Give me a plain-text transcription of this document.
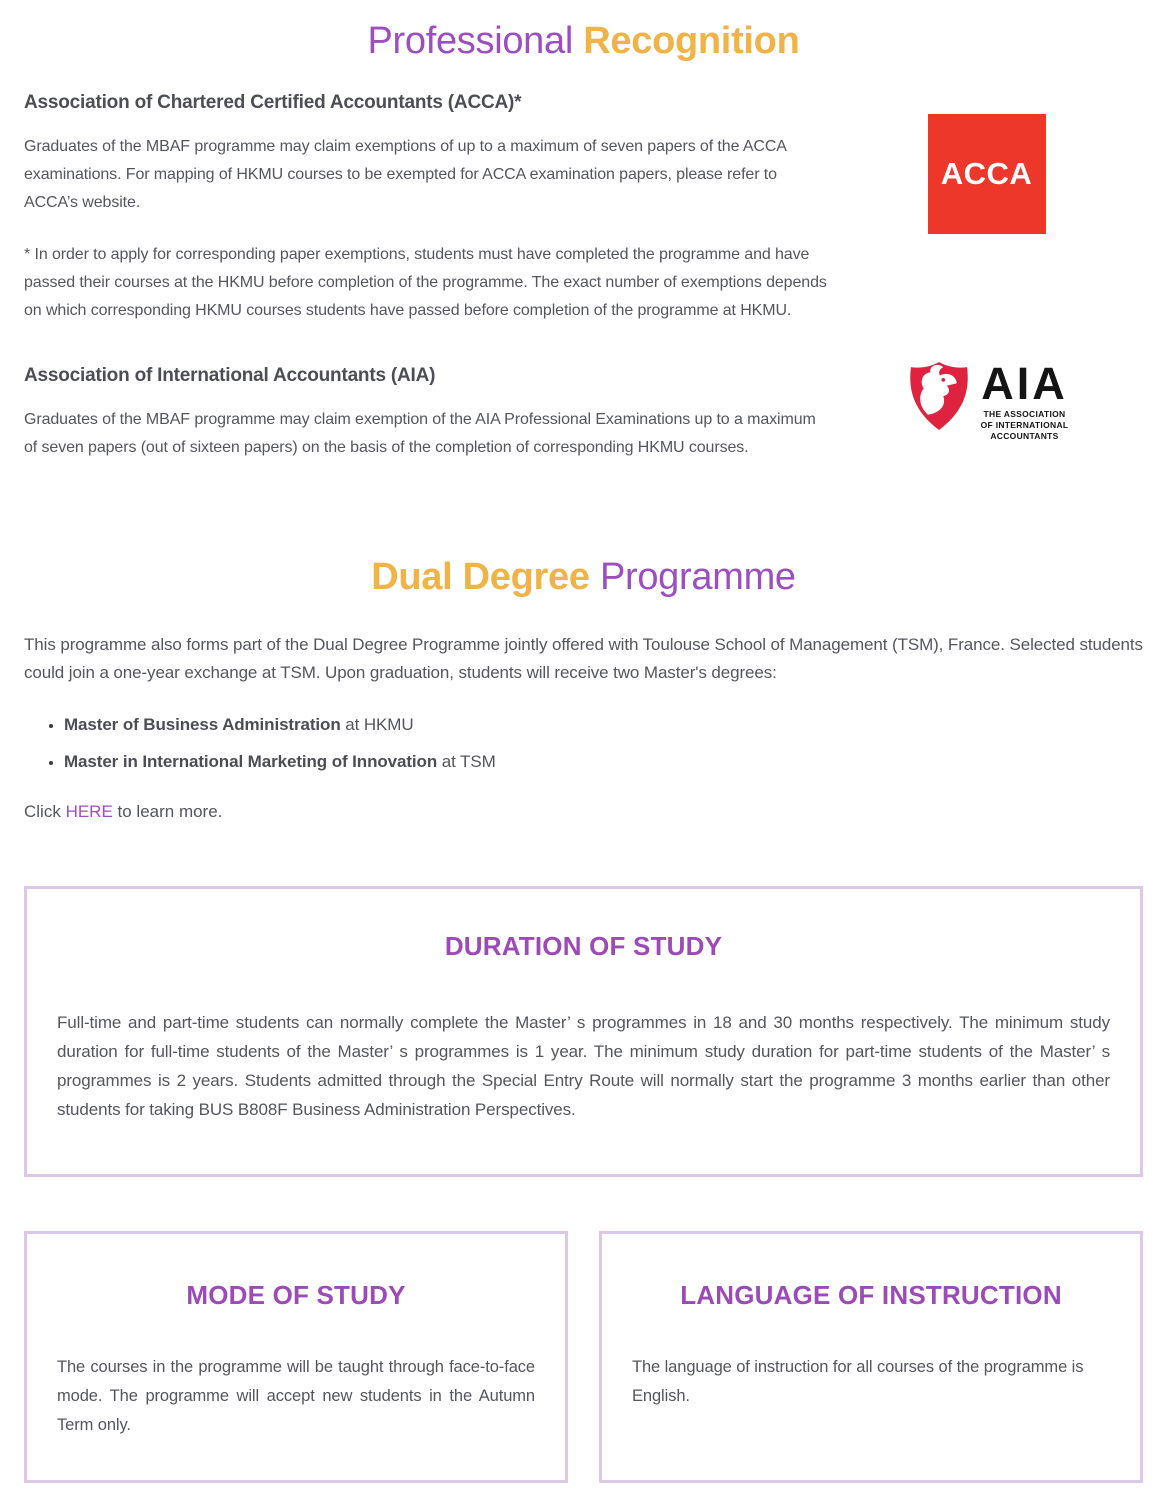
Professional Recognition
Association of Chartered Certified Accountants (ACCA)*

Graduates of the MBAF programme may claim exemptions of up to a maximum of seven papers of the ACCA examinations. For mapping of HKMU courses to be exempted for ACCA examination papers, please refer to ACCA’s website.

* In order to apply for corresponding paper exemptions, students must have completed the programme and have passed their courses at the HKMU before completion of the programme. The exact number of exemptions depends on which corresponding HKMU courses students have passed before completion of the programme at HKMU.

ACCA
Association of International Accountants (AIA)

Graduates of the MBAF programme may claim exemption of the AIA Professional Examinations up to a maximum of seven papers (out of sixteen papers) on the basis of the completion of corresponding HKMU courses.

AIA
THE ASSOCIATION
OF INTERNATIONAL
ACCOUNTANTS
Dual Degree Programme

This programme also forms part of the Dual Degree Programme jointly offered with Toulouse School of Management (TSM), France. Selected students could join a one-year exchange at TSM. Upon graduation, students will receive two Master's degrees:

• Master of Business Administration at HKMU
• Master in International Marketing of Innovation at TSM

Click HERE to learn more.

DURATION OF STUDY

Full-time and part-time students can normally complete the Master’ s programmes in 18 and 30 months respectively. The minimum study duration for full-time students of the Master’ s programmes is 1 year. The minimum study duration for part-time students of the Master’ s programmes is 2 years. Students admitted through the Special Entry Route will normally start the programme 3 months earlier than other students for taking BUS B808F Business Administration Perspectives.

MODE OF STUDY

The courses in the programme will be taught through face-to-face mode. The programme will accept new students in the Autumn Term only.

LANGUAGE OF INSTRUCTION

The language of instruction for all courses of the programme is English.
